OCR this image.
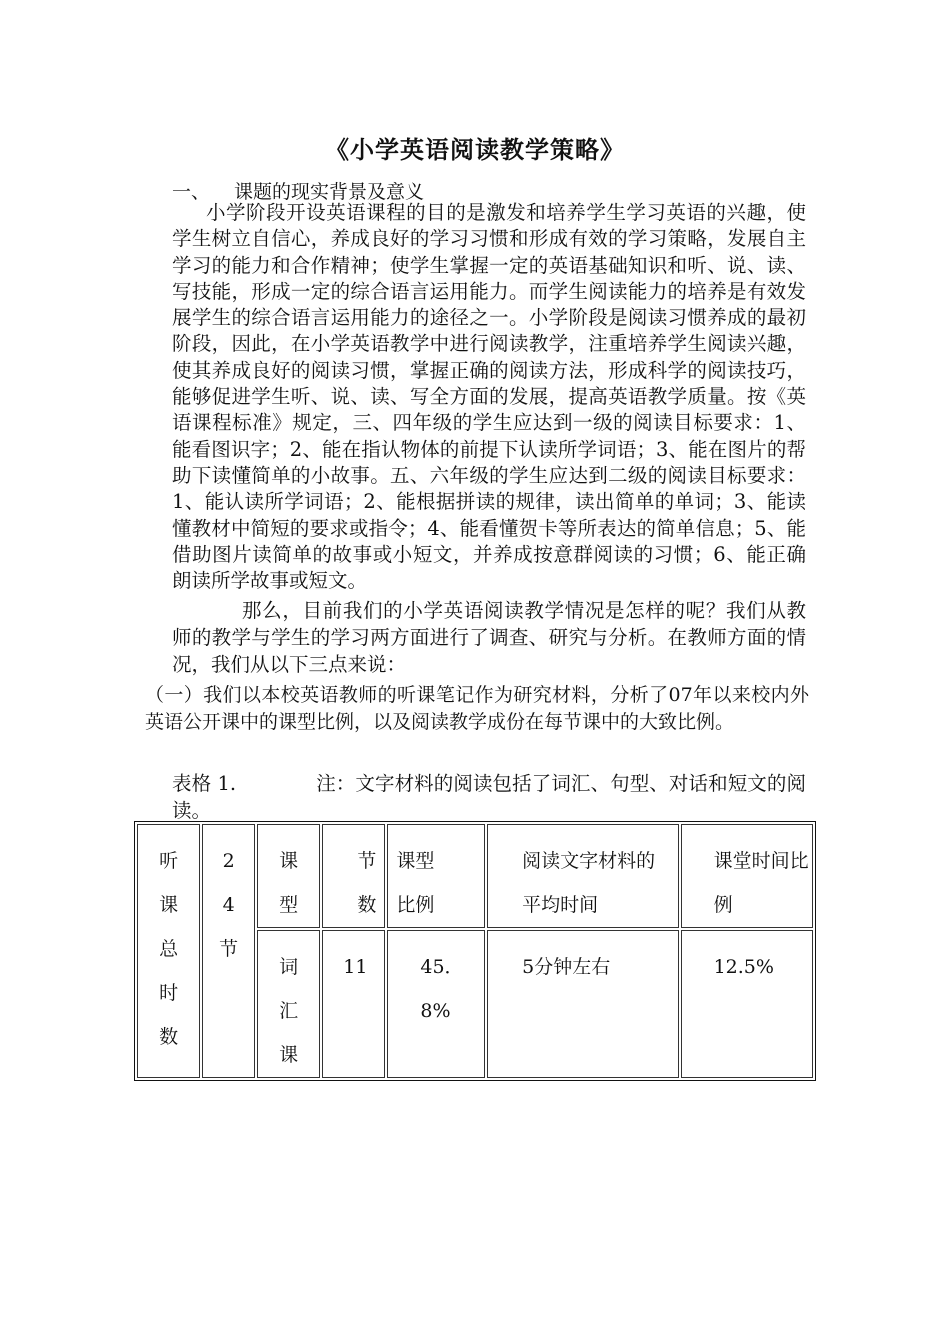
《小学英语阅读教学策略》
一、 课题的现实背景及意义
小学阶段开设英语课程的目的是激发和培养学生学习英语的兴趣，使学生树立自信心，养成良好的学习习惯和形成有效的学习策略，发展自主学习的能力和合作精神；使学生掌握一定的英语基础知识和听、说、读、写技能，形成一定的综合语言运用能力。而学生阅读能力的培养是有效发展学生的综合语言运用能力的途径之一。小学阶段是阅读习惯养成的最初阶段，因此，在小学英语教学中进行阅读教学，注重培养学生阅读兴趣，使其养成良好的阅读习惯，掌握正确的阅读方法，形成科学的阅读技巧，能够促进学生听、说、读、写全方面的发展，提高英语教学质量。按《英语课程标准》规定，三、四年级的学生应达到一级的阅读目标要求：1、能看图识字；2、能在指认物体的前提下认读所学词语；3、能在图片的帮助下读懂简单的小故事。五、六年级的学生应达到二级的阅读目标要求：1、能认读所学词语；2、能根据拼读的规律，读出简单的单词；3、能读懂教材中简短的要求或指令；4、能看懂贺卡等所表达的简单信息；5、能借助图片读简单的故事或小短文，并养成按意群阅读的习惯；6、能正确朗读所学故事或短文。
那么，目前我们的小学英语阅读教学情况是怎样的呢？我们从教师的教学与学生的学习两方面进行了调查、研究与分析。在教师方面的情况，我们从以下三点来说：
（一）我们以本校英语教师的听课笔记作为研究材料，分析了07年以来校内外英语公开课中的课型比例，以及阅读教学成份在每节课中的大致比例。
表格 1.	注：文字材料的阅读包括了词汇、句型、对话和短文的阅读。
听课总时数	24节	课型	节数	课型比例	阅读文字材料的平均时间	课堂时间比例

		词汇课	11	45．8%	5分钟左右	12.5%
